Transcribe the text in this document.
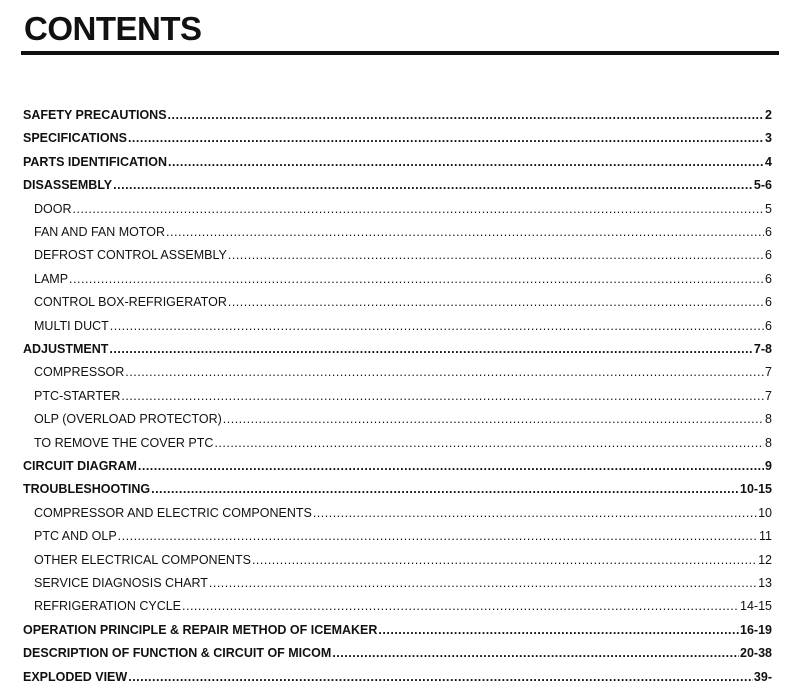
CONTENTS
SAFETY PRECAUTIONS .....	2
SPECIFICATIONS .....	3
PARTS IDENTIFICATION .....	4
DISASSEMBLY .....	5-6
DOOR .....	5
FAN AND FAN MOTOR .....	6
DEFROST CONTROL ASSEMBLY .....	6
LAMP .....	6
CONTROL BOX-REFRIGERATOR .....	6
MULTI DUCT .....	6
ADJUSTMENT .....	7-8
COMPRESSOR .....	7
PTC-STARTER .....	7
OLP (OVERLOAD PROTECTOR) .....	8
TO REMOVE THE COVER PTC .....	8
CIRCUIT DIAGRAM .....	9
TROUBLESHOOTING .....	10-15
COMPRESSOR AND ELECTRIC COMPONENTS .....	10
PTC AND OLP .....	11
OTHER ELECTRICAL COMPONENTS .....	12
SERVICE DIAGNOSIS CHART .....	13
REFRIGERATION CYCLE .....	14-15
OPERATION PRINCIPLE & REPAIR METHOD OF ICEMAKER .....	16-19
DESCRIPTION OF FUNCTION & CIRCUIT OF MICOM .....	20-38
EXPLODED VIEW .....	39-
